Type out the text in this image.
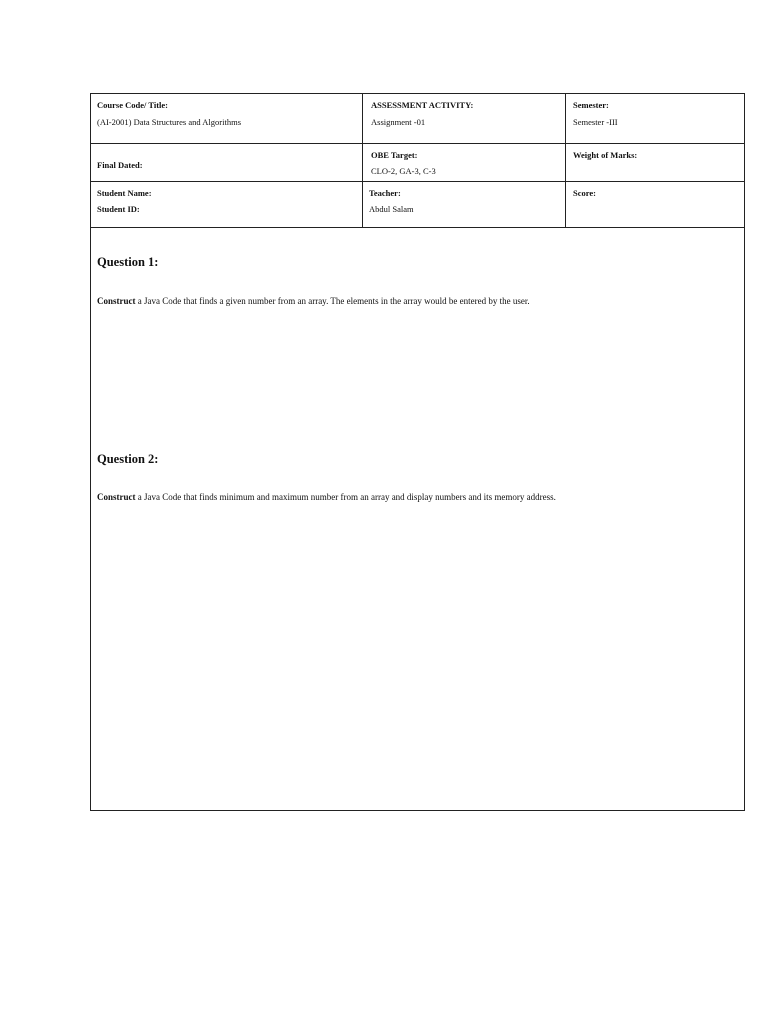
Course Code/ Title:
(AI-2001) Data Structures and Algorithms
ASSESSMENT ACTIVITY:
Assignment -01
Semester:
Semester -III
Final Dated:
OBE Target:
CLO-2, GA-3, C-3
Weight of Marks:
Student Name:
Student ID:
Teacher:
Abdul Salam
Score:
Question 1:
Construct a Java Code that finds a given number from an array. The elements in the array would be entered by the user.
Question 2:
Construct a Java Code that finds minimum and maximum number from an array and display numbers and its memory address.
